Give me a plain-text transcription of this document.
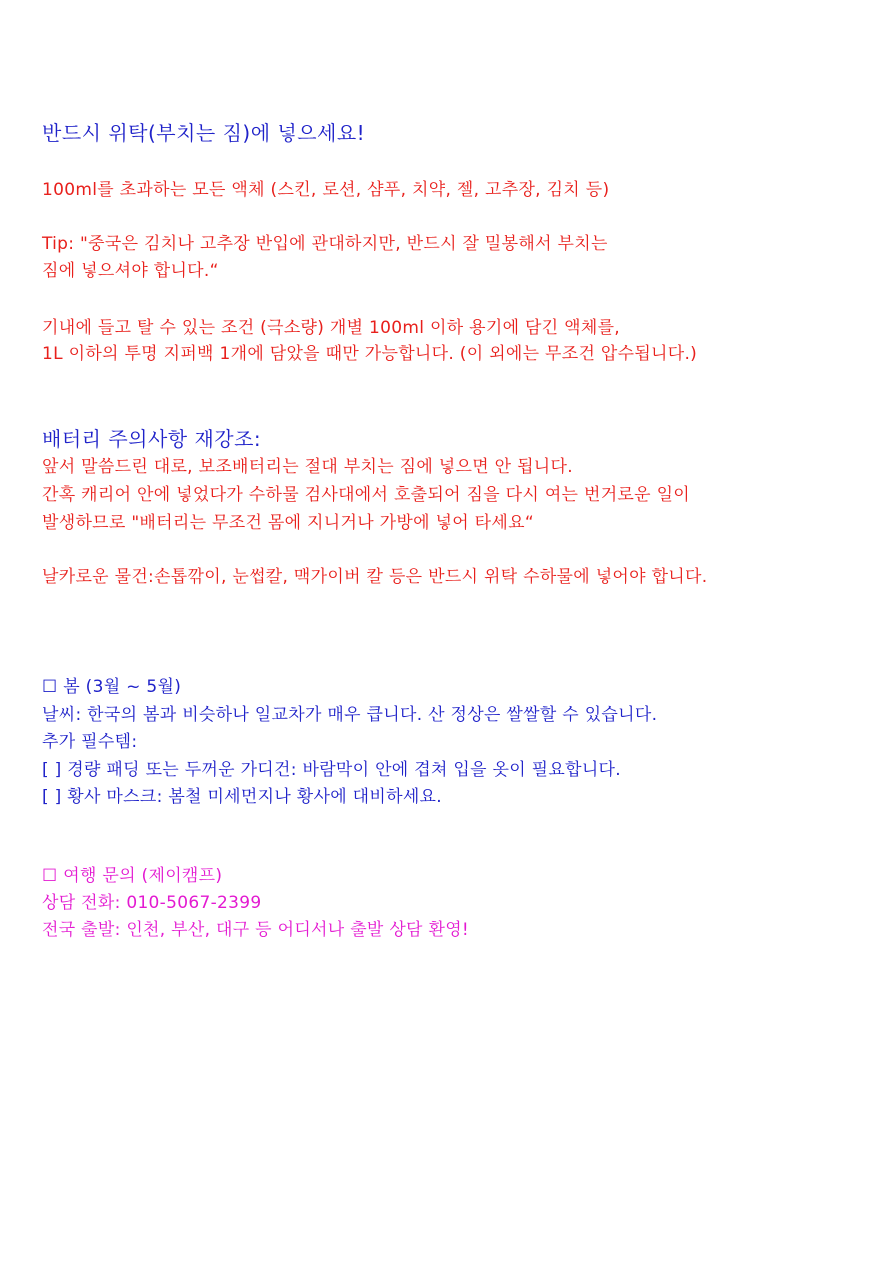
반드시 위탁(부치는 짐)에 넣으세요!
100ml를 초과하는 모든 액체 (스킨, 로션, 샴푸, 치약, 젤, 고추장, 김치 등)
Tip: "중국은 김치나 고추장 반입에 관대하지만, 반드시 잘 밀봉해서 부치는
짐에 넣으셔야 합니다.“
기내에 들고 탈 수 있는 조건 (극소량) 개별 100ml 이하 용기에 담긴 액체를,
1L 이하의 투명 지퍼백 1개에 담았을 때만 가능합니다. (이 외에는 무조건 압수됩니다.)
배터리 주의사항 재강조:
앞서 말씀드린 대로, 보조배터리는 절대 부치는 짐에 넣으면 안 됩니다.
간혹 캐리어 안에 넣었다가 수하물 검사대에서 호출되어 짐을 다시 여는 번거로운 일이
발생하므로 "배터리는 무조건 몸에 지니거나 가방에 넣어 타세요“
날카로운 물건:손톱깎이, 눈썹칼, 맥가이버 칼 등은 반드시 위탁 수하물에 넣어야 합니다.
☐ 봄 (3월 ~ 5월)
날씨: 한국의 봄과 비슷하나 일교차가 매우 큽니다. 산 정상은 쌀쌀할 수 있습니다.
추가 필수템:
[ ] 경량 패딩 또는 두꺼운 가디건: 바람막이 안에 겹쳐 입을 옷이 필요합니다.
[ ] 황사 마스크: 봄철 미세먼지나 황사에 대비하세요.
☐ 여행 문의 (제이캠프)
상담 전화: 010-5067-2399
전국 출발: 인천, 부산, 대구 등 어디서나 출발 상담 환영!
